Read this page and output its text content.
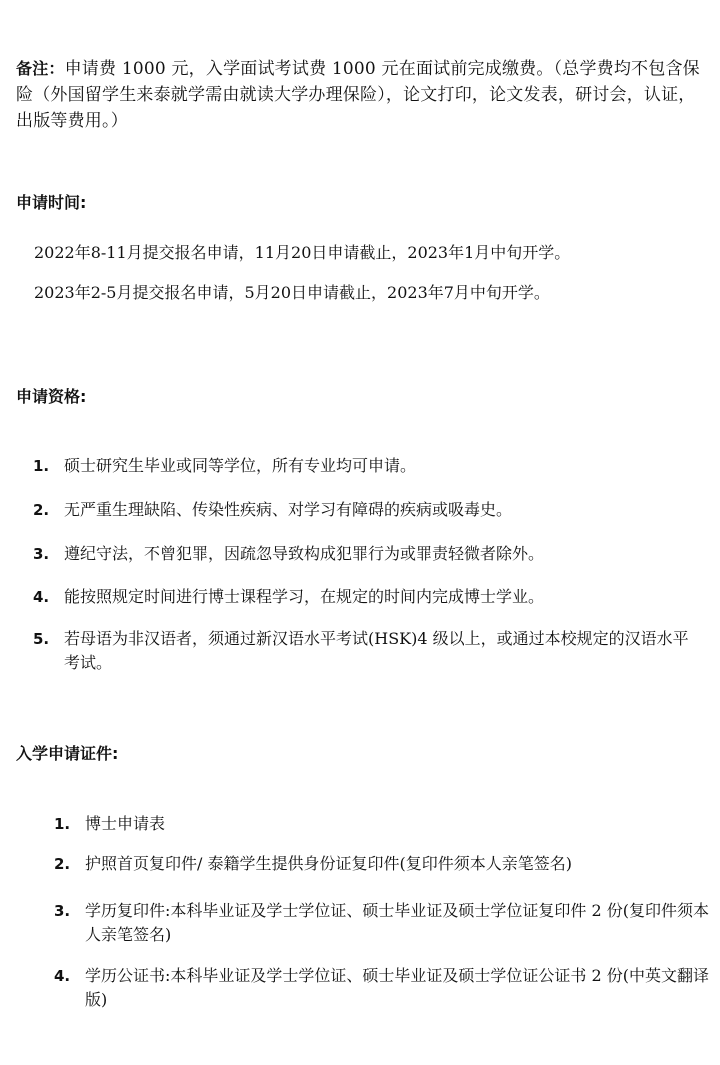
备注：申请费 1000 元，入学面试考试费 1000 元在面试前完成缴费。（总学费均不包含保险（外国留学生来泰就学需由就读大学办理保险），论文打印，论文发表，研讨会，认证，出版等费用。）
申请时间:
2022年8-11月提交报名申请，11月20日申请截止，2023年1月中旬开学。
2023年2-5月提交报名申请，5月20日申请截止，2023年7月中旬开学。
申请资格:
1. 硕士研究生毕业或同等学位，所有专业均可申请。
2. 无严重生理缺陷、传染性疾病、对学习有障碍的疾病或吸毒史。
3. 遵纪守法，不曾犯罪，因疏忽导致构成犯罪行为或罪责轻微者除外。
4. 能按照规定时间进行博士课程学习，在规定的时间内完成博士学业。
5. 若母语为非汉语者，须通过新汉语水平考试(HSK)4 级以上，或通过本校规定的汉语水平考试。
入学申请证件:
1. 博士申请表
2. 护照首页复印件/ 泰籍学生提供身份证复印件(复印件须本人亲笔签名)
3. 学历复印件:本科毕业证及学士学位证、硕士毕业证及硕士学位证复印件 2 份(复印件须本人亲笔签名)
4. 学历公证书:本科毕业证及学士学位证、硕士毕业证及硕士学位证公证书 2 份(中英文翻译版)
